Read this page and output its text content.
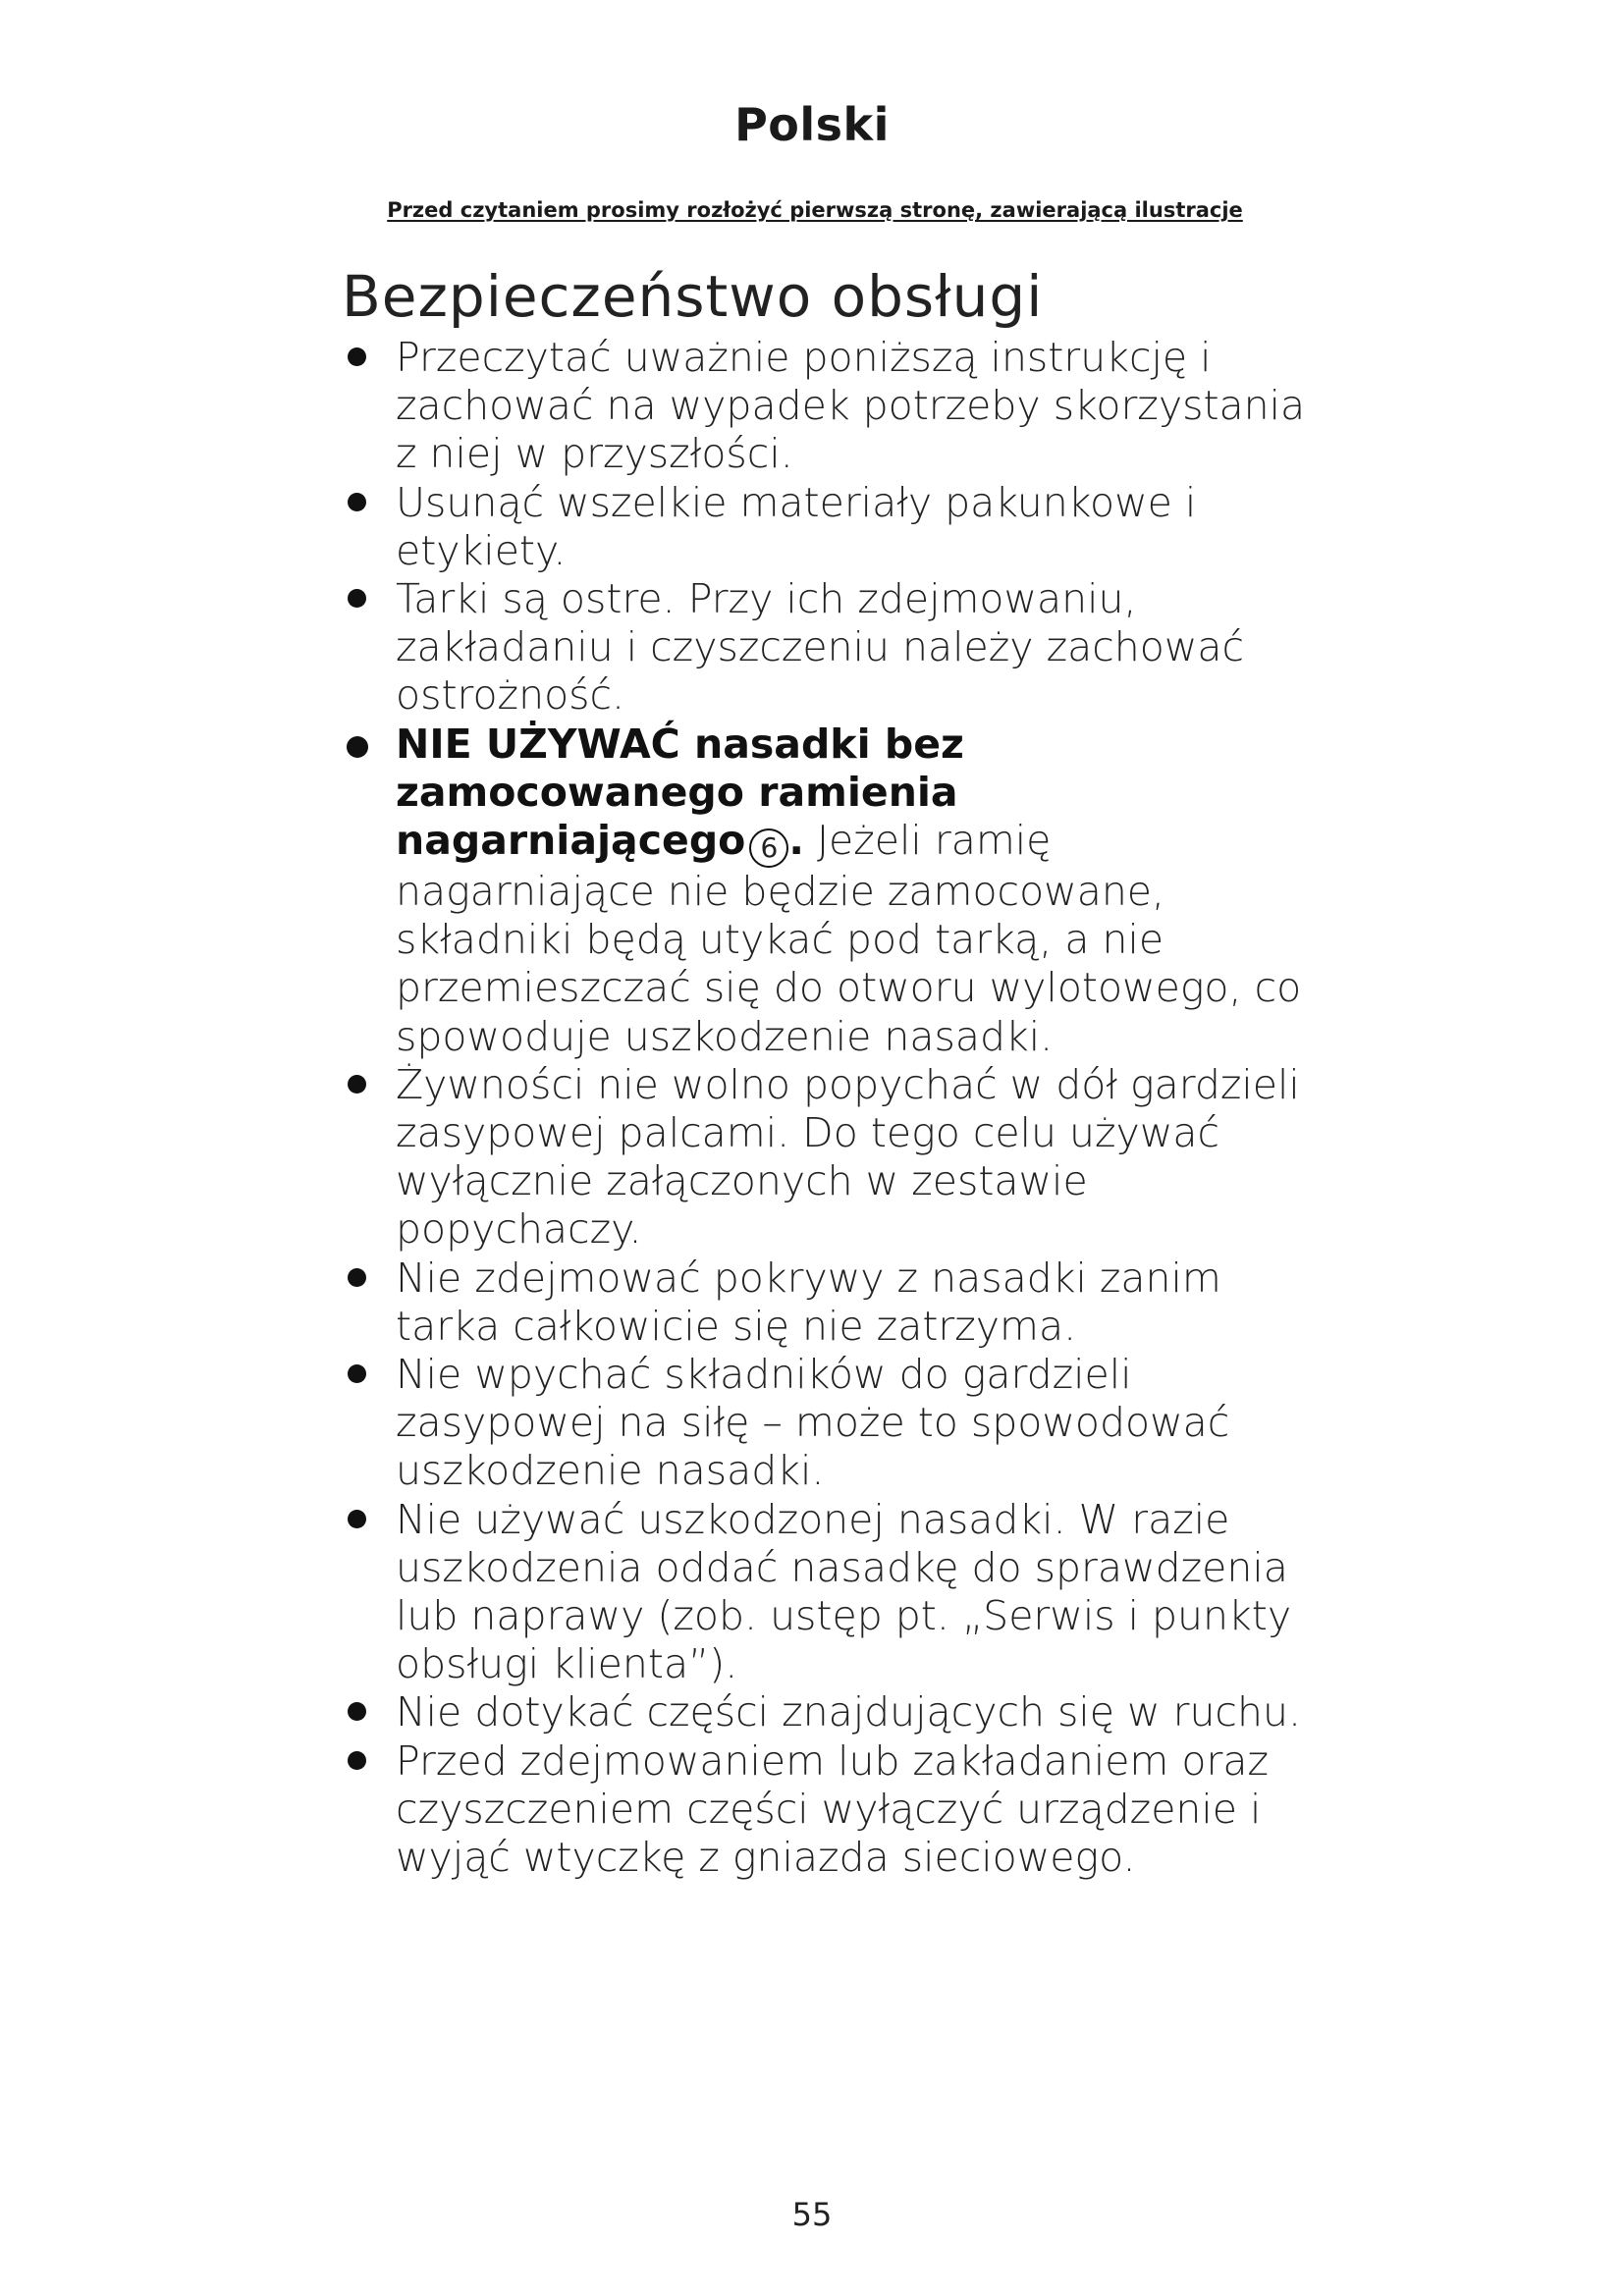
Polski
Przed czytaniem prosimy rozłożyć pierwszą stronę, zawierającą ilustracje
Bezpieczeństwo obsługi
Przeczytać uważnie poniższą instrukcję i zachować na wypadek potrzeby skorzystania z niej w przyszłości.
Usunąć wszelkie materiały pakunkowe i etykiety.
Tarki są ostre. Przy ich zdejmowaniu, zakładaniu i czyszczeniu należy zachować ostrożność.
NIE UŻYWAĆ nasadki bez zamocowanego ramienia nagarniającego 6 . Jeżeli ramię nagarniające nie będzie zamocowane, składniki będą utykać pod tarką, a nie przemieszczać się do otworu wylotowego, co spowoduje uszkodzenie nasadki.
Żywności nie wolno popychać w dół gardzieli zasypowej palcami. Do tego celu używać wyłącznie załączonych w zestawie popychaczy.
Nie zdejmować pokrywy z nasadki zanim tarka całkowicie się nie zatrzyma.
Nie wpychać składników do gardzieli zasypowej na siłę – może to spowodować uszkodzenie nasadki.
Nie używać uszkodzonej nasadki. W razie uszkodzenia oddać nasadkę do sprawdzenia lub naprawy (zob. ustęp pt. „Serwis i punkty obsługi klienta”).
Nie dotykać części znajdujących się w ruchu.
Przed zdejmowaniem lub zakładaniem oraz czyszczeniem części wyłączyć urządzenie i wyjąć wtyczkę z gniazda sieciowego.
55
